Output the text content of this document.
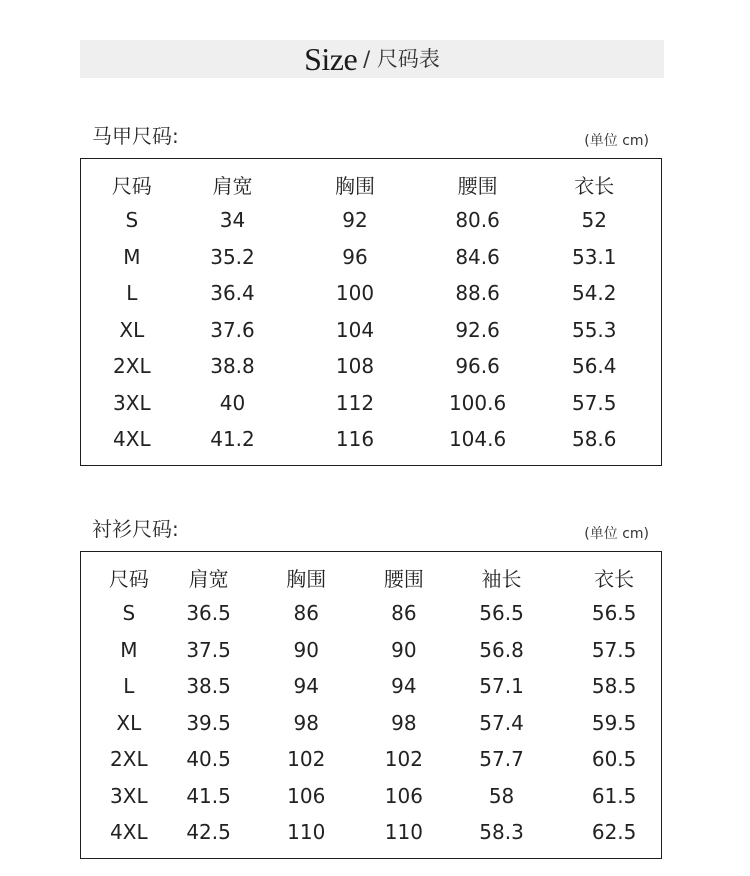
Size / 尺码表
马甲尺码:	(单位 cm)
尺码	肩宽	胸围	腰围	衣长
S	34	92	80.6	52
M	35.2	96	84.6	53.1
L	36.4	100	88.6	54.2
XL	37.6	104	92.6	55.3
2XL	38.8	108	96.6	56.4
3XL	40	112	100.6	57.5
4XL	41.2	116	104.6	58.6
衬衫尺码:	(单位 cm)
尺码	肩宽	胸围	腰围	袖长	衣长
S	36.5	86	86	56.5	56.5
M	37.5	90	90	56.8	57.5
L	38.5	94	94	57.1	58.5
XL	39.5	98	98	57.4	59.5
2XL	40.5	102	102	57.7	60.5
3XL	41.5	106	106	58	61.5
4XL	42.5	110	110	58.3	62.5
